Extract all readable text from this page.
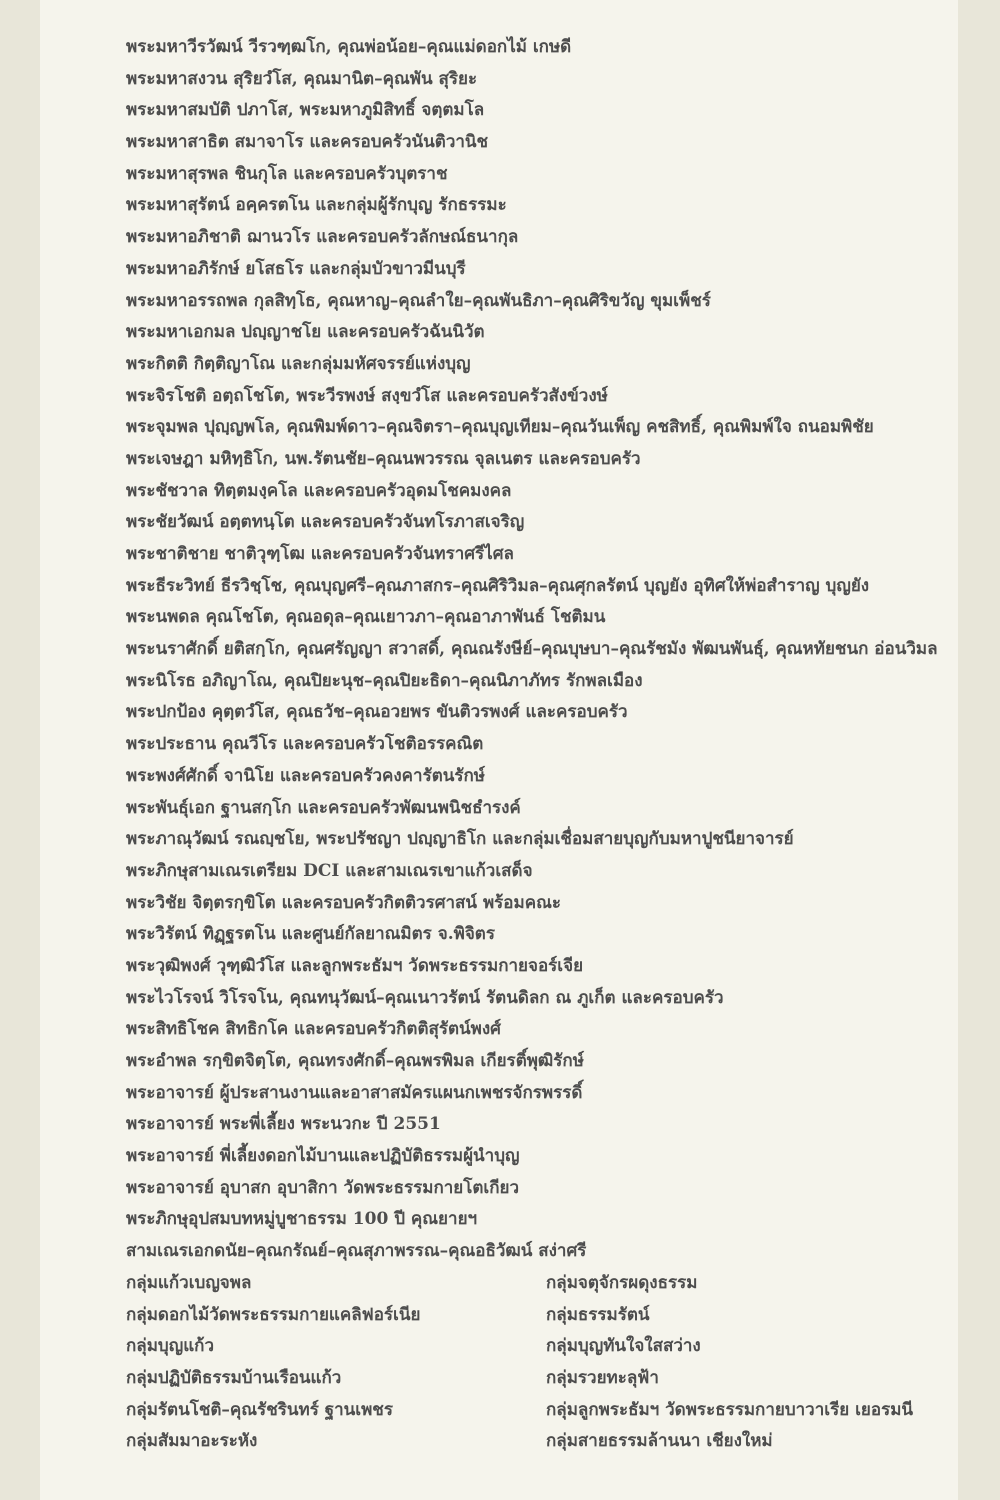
พระมหาวีรวัฒน์ วีรวฑฺฒโก, คุณพ่อน้อย–คุณแม่ดอกไม้ เกษดี
พระมหาสงวน สุริยวํโส, คุณมานิต–คุณพัน สุริยะ
พระมหาสมบัติ ปภาโส, พระมหาภูมิสิทธิ์ จตฺตมโล
พระมหาสาธิต สมาจาโร และครอบครัวนันติวานิช
พระมหาสุรพล ชินกุโล และครอบครัวบุตราช
พระมหาสุรัตน์ อคฺครตโน และกลุ่มผู้รักบุญ รักธรรมะ
พระมหาอภิชาติ ฌานวโร และครอบครัวลักษณ์ธนากุล
พระมหาอภิรักษ์ ยโสธโร และกลุ่มบัวขาวมีนบุรี
พระมหาอรรถพล กุลสิทฺโธ, คุณหาญ–คุณลำใย–คุณพันธิภา–คุณศิริขวัญ ขุมเพ็ชร์
พระมหาเอกมล ปญฺญาชโย และครอบครัวฉันนิวัต
พระกิตติ กิตฺติญาโณ และกลุ่มมหัศจรรย์แห่งบุญ
พระจิรโชติ อตฺถโชโต, พระวีรพงษ์ สงฺขวํโส และครอบครัวสังข์วงษ์
พระจุมพล ปุญฺญพโล, คุณพิมพ์ดาว–คุณจิตรา–คุณบุญเทียม–คุณวันเพ็ญ คชสิทธิ์, คุณพิมพ์ใจ ถนอมพิชัย
พระเจษฎา มหิทฺธิโก, นพ.รัตนชัย–คุณนพวรรณ จุลเนตร และครอบครัว
พระชัชวาล ทิตฺตมงฺคโล และครอบครัวอุดมโชคมงคล
พระชัยวัฒน์ อตฺตทนฺโต และครอบครัวจันทโรภาสเจริญ
พระชาติชาย ชาติวุฑฺโฒ และครอบครัวจันทราศรีไศล
พระธีระวิทย์ ธีรวิชฺโช, คุณบุญศรี–คุณภาสกร–คุณศิริวิมล–คุณศุกลรัตน์ บุญยัง อุทิศให้พ่อสำราญ บุญยัง
พระนพดล คุณโชโต, คุณอดุล–คุณเยาวภา–คุณอาภาพันธ์ โชติมน
พระนราศักดิ์ ยติสกฺโก, คุณศรัญญา สวาสดิ์, คุณณรังษีย์–คุณบุษบา–คุณรัชมัง พัฒนพันธุ์, คุณหทัยชนก อ่อนวิมล
พระนิโรธ อภิญาโณ, คุณปิยะนุช–คุณปิยะธิดา–คุณนิภาภัทร รักพลเมือง
พระปกป้อง คุตฺตวํโส, คุณธวัช–คุณอวยพร ขันติวรพงศ์ และครอบครัว
พระประธาน คุณวีโร และครอบครัวโชติอรรคณิต
พระพงศ์ศักดิ์ จานิโย และครอบครัวคงคารัตนรักษ์
พระพันธุ์เอก ฐานสกฺโก และครอบครัวพัฒนพนิชธำรงค์
พระภาณุวัฒน์ รณญฺชโย, พระปรัชญา ปญฺญาธิโก และกลุ่มเชื่อมสายบุญกับมหาปูชนียาจารย์
พระภิกษุสามเณรเตรียม DCI และสามเณรเขาแก้วเสด็จ
พระวิชัย จิตฺตรกฺขิโต และครอบครัวกิตติวรศาสน์ พร้อมคณะ
พระวิรัตน์ ทิฏฺฐรตโน และศูนย์กัลยาณมิตร จ.พิจิตร
พระวุฒิพงศ์ วุฑฺฒิวํโส และลูกพระธัมฯ วัดพระธรรมกายจอร์เจีย
พระไวโรจน์ วิโรจโน, คุณทนุวัฒน์–คุณเนาวรัตน์ รัตนดิลก ณ ภูเก็ต และครอบครัว
พระสิทธิโชค สิทธิกโค และครอบครัวกิตติสุรัตน์พงศ์
พระอำพล รกฺขิตจิตฺโต, คุณทรงศักดิ์–คุณพรพิมล เกียรติ์พุฒิรักษ์
พระอาจารย์ ผู้ประสานงานและอาสาสมัครแผนกเพชรจักรพรรดิ์
พระอาจารย์ พระพี่เลี้ยง พระนวกะ ปี 2551
พระอาจารย์ พี่เลี้ยงดอกไม้บานและปฏิบัติธรรมผู้นำบุญ
พระอาจารย์ อุบาสก อุบาสิกา วัดพระธรรมกายโตเกียว
พระภิกษุอุปสมบทหมู่บูชาธรรม 100 ปี คุณยายฯ
สามเณรเอกดนัย–คุณกรัณย์–คุณสุภาพรรณ–คุณอธิวัฒน์ สง่าศรี
กลุ่มแก้วเบญจพล
กลุ่มดอกไม้วัดพระธรรมกายแคลิฟอร์เนีย
กลุ่มบุญแก้ว
กลุ่มปฏิบัติธรรมบ้านเรือนแก้ว
กลุ่มรัตนโชติ–คุณรัชรินทร์ ฐานเพชร
กลุ่มสัมมาอะระหัง
กลุ่มจตุจักรผดุงธรรม
กลุ่มธรรมรัตน์
กลุ่มบุญทันใจใสสว่าง
กลุ่มรวยทะลุฟ้า
กลุ่มลูกพระธัมฯ วัดพระธรรมกายบาวาเรีย เยอรมนี
กลุ่มสายธรรมล้านนา เชียงใหม่
